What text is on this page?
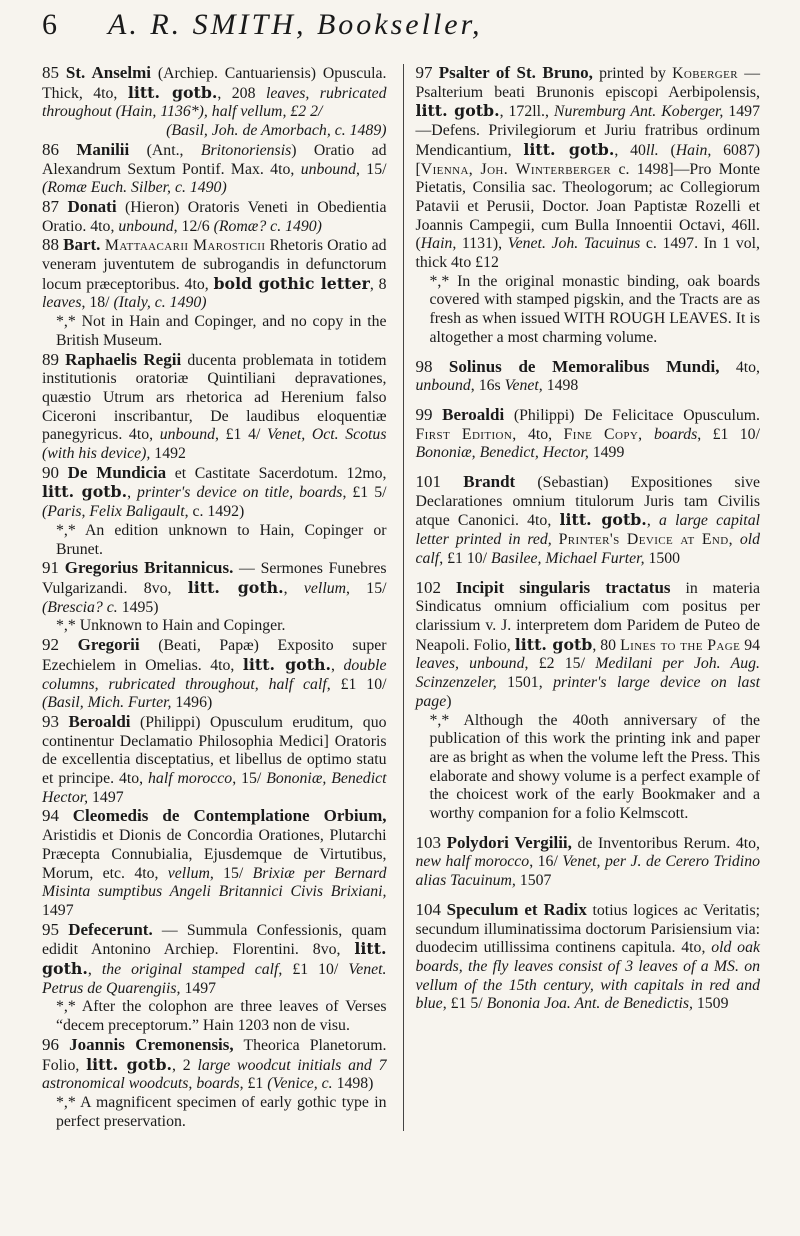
6	A. R. SMITH, Bookseller,

85 St. Anselmi (Archiep. Cantuariensis) Opuscula. Thick, 4to, litt. gotb., 208 leaves, rubricated throughout (Hain, 1136*), half vellum, £2 2/

(Basil, Joh. de Amorbach, c. 1489)

86 Manilii (Ant., Britonoriensis) Oratio ad Alexandrum Sextum Pontif. Max. 4to, unbound, 15/ (Romæ Euch. Silber, c. 1490)

87 Donati (Hieron) Oratoris Veneti in Obedientia Oratio. 4to, unbound, 12/6 (Romæ? c. 1490)

88 Bart. Mattaacarii Marosticii Rhetoris Oratio ad veneram juventutem de subrogandis in defunctorum locum præceptoribus. 4to, bold gothic letter, 8 leaves, 18/ (Italy, c. 1490)
*,* Not in Hain and Copinger, and no copy in the British Museum.

89 Raphaelis Regii ducenta problemata in totidem institutionis oratoriæ Quintiliani depravationes, quæstio Utrum ars rhetorica ad Herenium falso Ciceroni inscribantur, De laudibus eloquentiæ panegyricus. 4to, unbound, £1 4/ Venet, Oct. Scotus (with his device), 1492

90 De Mundicia et Castitate Sacerdotum. 12mo, litt. gotb., printer's device on title, boards, £1 5/ (Paris, Felix Baligault, c. 1492)
*,* An edition unknown to Hain, Copinger or Brunet.

91 Gregorius Britannicus. — Sermones Funebres Vulgarizandi. 8vo, litt. goth., vellum, 15/ (Brescia? c. 1495)
*,* Unknown to Hain and Copinger.

92 Gregorii (Beati, Papæ) Exposito super Ezechielem in Omelias. 4to, litt. goth., double columns, rubricated throughout, half calf, £1 10/ (Basil, Mich. Furter, 1496)

93 Beroaldi (Philippi) Opusculum eruditum, quo continentur Declamatio Philosophia Medici] Oratoris de excellentia disceptatius, et libellus de optimo statu et principe. 4to, half morocco, 15/ Bononiæ, Benedict Hector, 1497

94 Cleomedis de Contemplatione Orbium, Aristidis et Dionis de Concordia Orationes, Plutarchi Præcepta Connubialia, Ejusdemque de Virtutibus, Morum, etc. 4to, vellum, 15/ Brixiæ per Bernard Misinta sumptibus Angeli Britannici Civis Brixiani, 1497

95 Defecerunt. — Summula Confessionis, quam edidit Antonino Archiep. Florentini. 8vo, litt. goth., the original stamped calf, £1 10/ Venet. Petrus de Quarengiis, 1497
*,* After the colophon are three leaves of Verses “decem preceptorum.” Hain 1203 non de visu.

96 Joannis Cremonensis, Theorica Planetorum. Folio, litt. gotb., 2 large woodcut initials and 7 astronomical woodcuts, boards, £1 (Venice, c. 1498)
*,* A magnificent specimen of early gothic type in perfect preservation.

97 Psalter of St. Bruno, printed by Koberger — Psalterium beati Brunonis episcopi Aerbipolensis, litt. gotb., 172ll., Nuremburg Ant. Koberger, 1497—Defens. Privilegiorum et Juriu fratribus ordinum Mendicantium, litt. gotb., 40ll. (Hain, 6087) [Vienna, Joh. Winterberger c. 1498]—Pro Monte Pietatis, Consilia sac. Theologorum; ac Collegiorum Patavii et Perusii, Doctor. Joan Paptistæ Rozelli et Joannis Campegii, cum Bulla Innoentii Octavi, 46ll. (Hain, 1131), Venet. Joh. Tacuinus c. 1497. In 1 vol, thick 4to £12
*,* In the original monastic binding, oak boards covered with stamped pigskin, and the Tracts are as fresh as when issued WITH ROUGH LEAVES. It is altogether a most charming volume.

98 Solinus de Memoralibus Mundi, 4to, unbound, 16s Venet, 1498

99 Beroaldi (Philippi) De Felicitace Opusculum. First Edition, 4to, Fine Copy, boards, £1 10/ Bononiæ, Benedict, Hector, 1499

101 Brandt (Sebastian) Expositiones sive Declarationes omnium titulorum Juris tam Civilis atque Canonici. 4to, litt. gotb., a large capital letter printed in red, Printer's Device at End, old calf, £1 10/ Basilee, Michael Furter, 1500

102 Incipit singularis tractatus in materia Sindicatus omnium officialium com positus per clarissium v. J. interpretem dom Paridem de Puteo de Neapoli. Folio, litt. gotb, 80 Lines to the Page 94 leaves, unbound, £2 15/ Medilani per Joh. Aug. Scinzenzeler, 1501, printer's large device on last page)
*,* Although the 40oth anniversary of the publication of this work the printing ink and paper are as bright as when the volume left the Press. This elaborate and showy volume is a perfect example of the choicest work of the early Bookmaker and a worthy companion for a folio Kelmscott.

103 Polydori Vergilii, de Inventoribus Rerum. 4to, new half morocco, 16/ Venet, per J. de Cerero Tridino alias Tacuinum, 1507

104 Speculum et Radix totius logices ac Veritatis; secundum illuminatissima doctorum Parisiensium via: duodecim utillissima continens capitula. 4to, old oak boards, the fly leaves consist of 3 leaves of a MS. on vellum of the 15th century, with capitals in red and blue, £1 5/ Bononia Joa. Ant. de Benedictis, 1509
